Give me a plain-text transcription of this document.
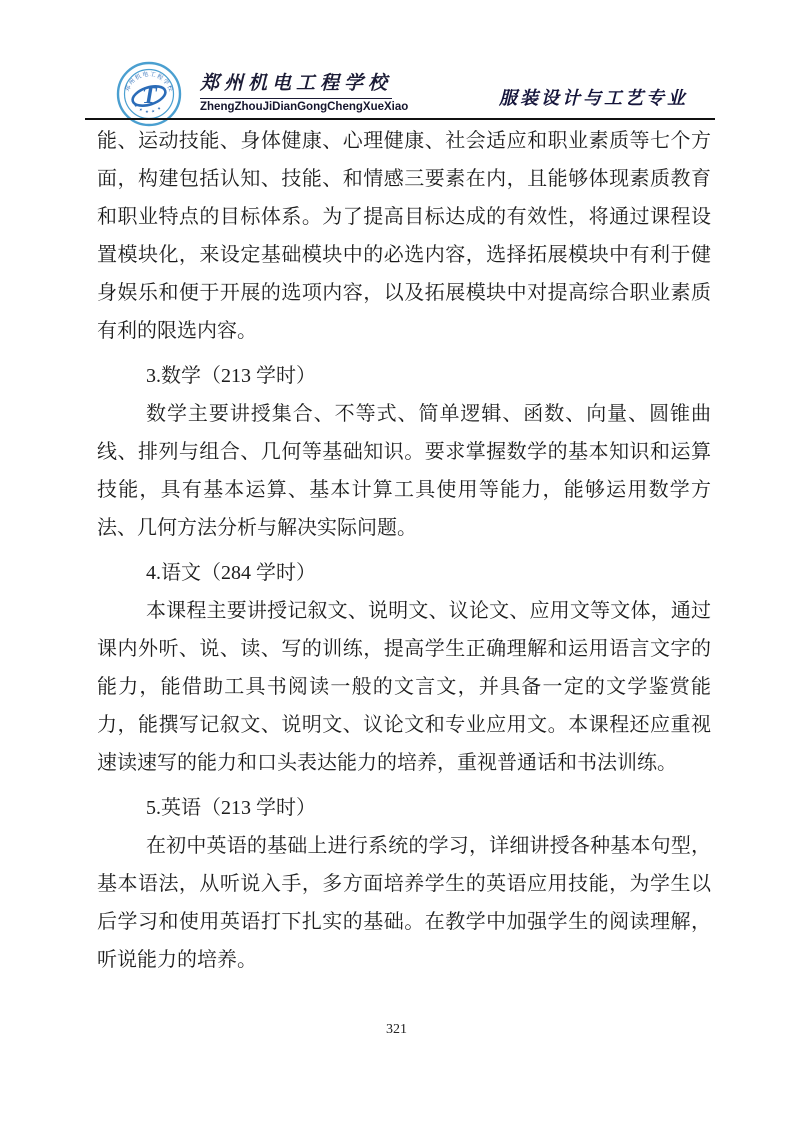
郑州机电工程学校
★ ★ ★ ★ ★
T 郑州机电工程学校
ZhengZhouJiDianGongChengXueXiao	服装设计与工艺专业

能、运动技能、身体健康、心理健康、社会适应和职业素质等七个方面，构建包括认知、技能、和情感三要素在内，且能够体现素质教育和职业特点的目标体系。为了提高目标达成的有效性，将通过课程设置模块化，来设定基础模块中的必选内容，选择拓展模块中有利于健身娱乐和便于开展的选项内容，以及拓展模块中对提高综合职业素质有利的限选内容。

3.数学（213 学时）

数学主要讲授集合、不等式、简单逻辑、函数、向量、圆锥曲线、排列与组合、几何等基础知识。要求掌握数学的基本知识和运算技能，具有基本运算、基本计算工具使用等能力，能够运用数学方法、几何方法分析与解决实际问题。

4.语文（284 学时）

本课程主要讲授记叙文、说明文、议论文、应用文等文体，通过课内外听、说、读、写的训练，提高学生正确理解和运用语言文字的能力，能借助工具书阅读一般的文言文，并具备一定的文学鉴赏能力，能撰写记叙文、说明文、议论文和专业应用文。本课程还应重视速读速写的能力和口头表达能力的培养，重视普通话和书法训练。

5.英语（213 学时）

在初中英语的基础上进行系统的学习，详细讲授各种基本句型，基本语法，从听说入手，多方面培养学生的英语应用技能，为学生以后学习和使用英语打下扎实的基础。在教学中加强学生的阅读理解，听说能力的培养。

321
